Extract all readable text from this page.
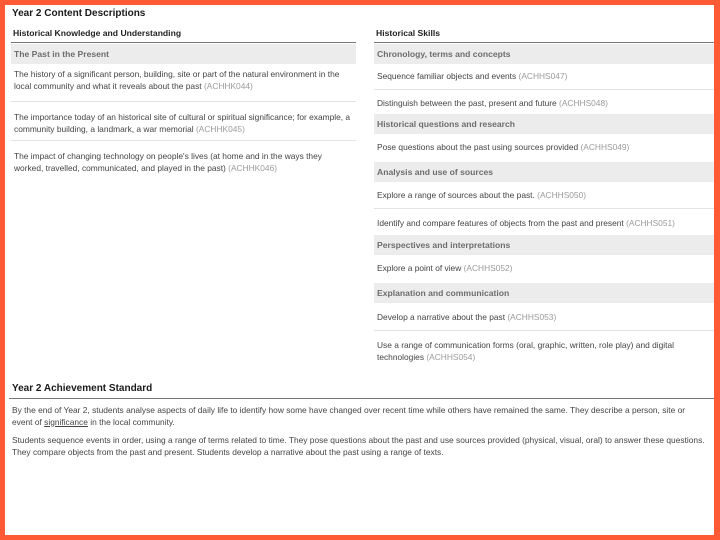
Year 2 Content Descriptions
Historical Knowledge and Understanding
The Past in the Present
The history of a significant person, building, site or part of the natural environment in the local community and what it reveals about the past (ACHHK044)
The importance today of an historical site of cultural or spiritual significance; for example, a community building, a landmark, a war memorial (ACHHK045)
The impact of changing technology on people's lives (at home and in the ways they worked, travelled, communicated, and played in the past) (ACHHK046)
Historical Skills
Chronology, terms and concepts
Sequence familiar objects and events (ACHHS047)
Distinguish between the past, present and future (ACHHS048)
Historical questions and research
Pose questions about the past using sources provided (ACHHS049)
Analysis and use of sources
Explore a range of sources about the past. (ACHHS050)
Identify and compare features of objects from the past and present (ACHHS051)
Perspectives and interpretations
Explore a point of view (ACHHS052)
Explanation and communication
Develop a narrative about the past (ACHHS053)
Use a range of communication forms (oral, graphic, written, role play) and digital technologies (ACHHS054)
Year 2 Achievement Standard
By the end of Year 2, students analyse aspects of daily life to identify how some have changed over recent time while others have remained the same. They describe a person, site or event of significance in the local community.
Students sequence events in order, using a range of terms related to time. They pose questions about the past and use sources provided (physical, visual, oral) to answer these questions. They compare objects from the past and present. Students develop a narrative about the past using a range of texts.
